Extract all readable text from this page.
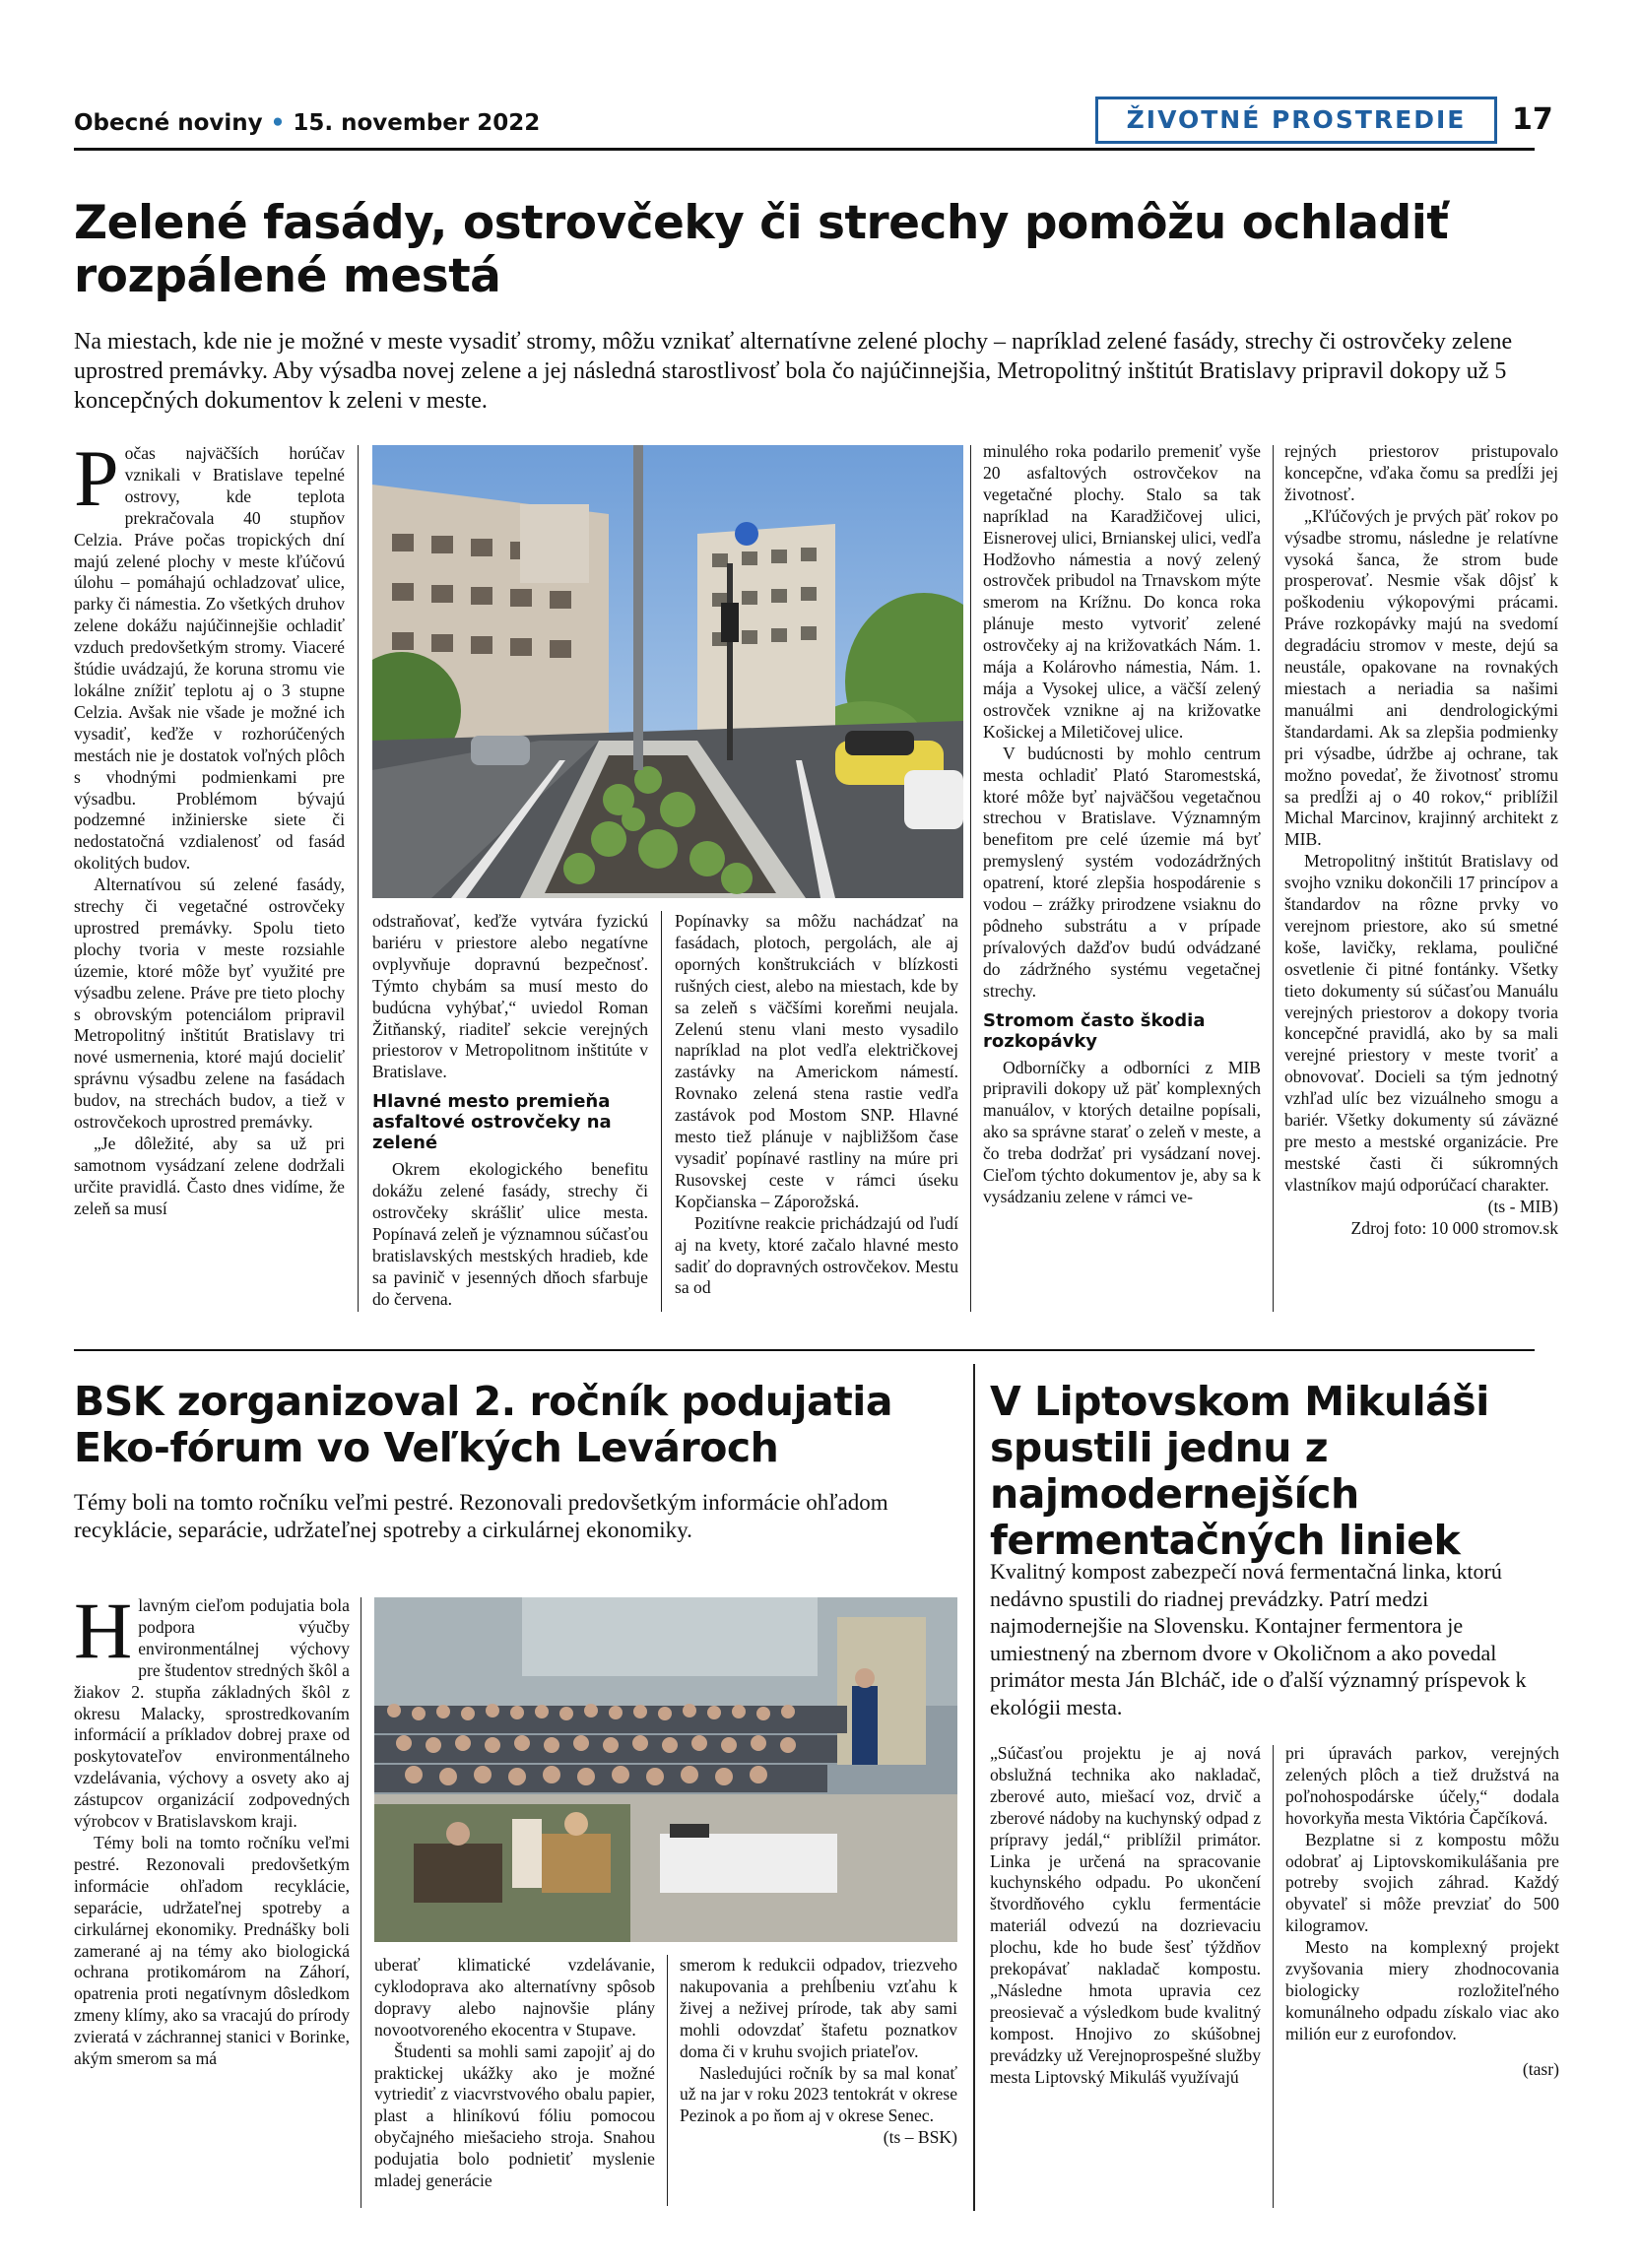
Obecné noviny • 15. november 2022	ŽIVOTNÉ PROSTREDIE	17
Zelené fasády, ostrovčeky či strechy pomôžu ochladiť rozpálené mestá
Na miestach, kde nie je možné v meste vysadiť stromy, môžu vznikať alternatívne zelené plochy – napríklad zelené fasády, strechy či ostrovčeky zelene uprostred premávky. Aby výsadba novej zelene a jej následná starostlivosť bola čo najúčinnejšia, Metropolitný inštitút Bratislavy pripravil dokopy už 5 koncepčných dokumentov k zeleni v meste.

Počas najväčších horúčav vznikali v Bratislave tepelné ostrovy, kde teplota prekračovala 40 stupňov Celzia. Práve počas tropických dní majú zelené plochy v meste kľúčovú úlohu – pomáhajú ochladzovať ulice, parky či námestia. Zo všetkých druhov zelene dokážu najúčinnejšie ochladiť vzduch predovšetkým stromy. Viaceré štúdie uvádzajú, že koruna stromu vie lokálne znížiť teplotu aj o 3 stupne Celzia. Avšak nie všade je možné ich vysadiť, keďže v rozhorúčených mestách nie je dostatok voľných plôch s vhodnými podmienkami pre výsadbu. Problémom bývajú podzemné inžinierske siete či nedostatočná vzdialenosť od fasád okolitých budov.

Alternatívou sú zelené fasády, strechy či vegetačné ostrovčeky uprostred premávky. Spolu tieto plochy tvoria v meste rozsiahle územie, ktoré môže byť využité pre výsadbu zelene. Práve pre tieto plochy s obrovským potenciálom pripravil Metropolitný inštitút Bratislavy tri nové usmernenia, ktoré majú docieliť správnu výsadbu zelene na fasádach budov, na strechách budov, a tiež v ostrovčekoch uprostred premávky.

„Je dôležité, aby sa už pri samotnom vysádzaní zelene dodržali určite pravidlá. Často dnes vidíme, že zeleň sa musí

odstraňovať, keďže vytvára fyzickú bariéru v priestore alebo negatívne ovplyvňuje dopravnú bezpečnosť. Týmto chybám sa musí mesto do budúcna vyhýbať,“ uviedol Roman Žitňanský, riaditeľ sekcie verejných priestorov v Metropolitnom inštitúte v Bratislave.

Hlavné mesto premieňa asfaltové ostrovčeky na zelené

Okrem ekologického benefitu dokážu zelené fasády, strechy či ostrovčeky skrášliť ulice mesta. Popínavá zeleň je významnou súčasťou bratislavských mestských hradieb, kde sa pavinič v jesenných dňoch sfarbuje do červena.

Popínavky sa môžu nachádzať na fasádach, plotoch, pergolách, ale aj oporných konštrukciách v blízkosti rušných ciest, alebo na miestach, kde by sa zeleň s väčšími koreňmi neujala. Zelenú stenu vlani mesto vysadilo napríklad na plot vedľa električkovej zastávky na Americkom námestí. Rovnako zelená stena rastie vedľa zastávok pod Mostom SNP. Hlavné mesto tiež plánuje v najbližšom čase vysadiť popínavé rastliny na múre pri Rusovskej ceste v rámci úseku Kopčianska – Záporožská.

Pozitívne reakcie prichádzajú od ľudí aj na kvety, ktoré začalo hlavné mesto sadiť do dopravných ostrovčekov. Mestu sa od

minulého roka podarilo premeniť vyše 20 asfaltových ostrovčekov na vegetačné plochy. Stalo sa tak napríklad na Karadžičovej ulici, Eisnerovej ulici, Brnianskej ulici, vedľa Hodžovho námestia a nový zelený ostrovček pribudol na Trnavskom mýte smerom na Krížnu. Do konca roka plánuje mesto vytvoriť zelené ostrovčeky aj na križovatkách Nám. 1. mája a Kolárovho námestia, Nám. 1. mája a Vysokej ulice, a väčší zelený ostrovček vznikne aj na križovatke Košickej a Miletičovej ulice.

V budúcnosti by mohlo centrum mesta ochladiť Plató Staromestská, ktoré môže byť najväčšou vegetačnou strechou v Bratislave. Významným benefitom pre celé územie má byť premyslený systém vodozádržných opatrení, ktoré zlepšia hospodárenie s vodou – zrážky prirodzene vsiaknu do pôdneho substrátu a v prípade prívalových dažďov budú odvádzané do zádržného systému vegetačnej strechy.

Stromom často škodia rozkopávky

Odborníčky a odborníci z MIB pripravili dokopy už päť komplexných manuálov, v ktorých detailne popísali, ako sa správne starať o zeleň v meste, a čo treba dodržať pri vysádzaní novej. Cieľom týchto dokumentov je, aby sa k vysádzaniu zelene v rámci ve-

rejných priestorov pristupovalo koncepčne, vďaka čomu sa predĺži jej životnosť.

„Kľúčových je prvých päť rokov po výsadbe stromu, následne je relatívne vysoká šanca, že strom bude prosperovať. Nesmie však dôjsť k poškodeniu výkopovými prácami. Práve rozkopávky majú na svedomí degradáciu stromov v meste, dejú sa neustále, opakovane na rovnakých miestach a neriadia sa našimi manuálmi ani dendrologickými štandardami. Ak sa zlepšia podmienky pri výsadbe, údržbe aj ochrane, tak možno povedať, že životnosť stromu sa predĺži aj o 40 rokov,“ priblížil Michal Marcinov, krajinný architekt z MIB.

Metropolitný inštitút Bratislavy od svojho vzniku dokončili 17 princípov a štandardov na rôzne prvky vo verejnom priestore, ako sú smetné koše, lavičky, reklama, pouličné osvetlenie či pitné fontánky. Všetky tieto dokumenty sú súčasťou Manuálu verejných priestorov a dokopy tvoria koncepčné pravidlá, ako by sa mali verejné priestory v meste tvoriť a obnovovať. Docieli sa tým jednotný vzhľad ulíc bez vizuálneho smogu a bariér. Všetky dokumenty sú záväzné pre mesto a mestské organizácie. Pre mestské časti či súkromných vlastníkov majú odporúčací charakter.

(ts - MIB)
Zdroj foto: 10 000 stromov.sk
BSK zorganizoval 2. ročník podujatia Eko-fórum vo Veľkých Levároch
Témy boli na tomto ročníku veľmi pestré. Rezonovali predovšetkým informácie ohľadom recyklácie, separácie, udržateľnej spotreby a cirkulárnej ekonomiky.

Hlavným cieľom podujatia bola podpora výučby environmentálnej výchovy pre študentov stredných škôl a žiakov 2. stupňa základných škôl z okresu Malacky, sprostredkovaním informácií a príkladov dobrej praxe od poskytovateľov environmentálneho vzdelávania, výchovy a osvety ako aj zástupcov organizácií zodpovedných výrobcov v Bratislavskom kraji.

Témy boli na tomto ročníku veľmi pestré. Rezonovali predovšetkým informácie ohľadom recyklácie, separácie, udržateľnej spotreby a cirkulárnej ekonomiky. Prednášky boli zamerané aj na témy ako biologická ochrana protikomárom na Záhorí, opatrenia proti negatívnym dôsledkom zmeny klímy, ako sa vracajú do prírody zvieratá v záchrannej stanici v Borinke, akým smerom sa má

uberať klimatické vzdelávanie, cyklodoprava ako alternatívny spôsob dopravy alebo najnovšie plány novootvoreného ekocentra v Stupave.

Študenti sa mohli sami zapojiť aj do praktickej ukážky ako je možné vytriediť z viacvrstvového obalu papier, plast a hliníkovú fóliu pomocou obyčajného miešacieho stroja. Snahou podujatia bolo podnietiť myslenie mladej generácie

smerom k redukcii odpadov, triezveho nakupovania a prehĺbeniu vzťahu k živej a neživej prírode, tak aby sami mohli odovzdať štafetu poznatkov doma či v kruhu svojich priateľov.

Nasledujúci ročník by sa mal konať už na jar v roku 2023 tentokrát v okrese Pezinok a po ňom aj v okrese Senec.

(ts – BSK)
V Liptovskom Mikuláši spustili jednu z najmodernejších fermentačných liniek
Kvalitný kompost zabezpečí nová fermentačná linka, ktorú nedávno spustili do riadnej prevádzky. Patrí medzi najmodernejšie na Slovensku. Kontajner fermentora je umiestnený na zbernom dvore v Okoličnom a ako povedal primátor mesta Ján Blcháč, ide o ďalší významný príspevok k ekológii mesta.

„Súčasťou projektu je aj nová obslužná technika ako nakladač, zberové auto, miešací voz, drvič a zberové nádoby na kuchynský odpad z prípravy jedál,“ priblížil primátor. Linka je určená na spracovanie kuchynského odpadu. Po ukončení štvordňového cyklu fermentácie materiál odvezú na dozrievaciu plochu, kde ho bude šesť týždňov prekopávať nakladač kompostu. „Následne hmota upravia cez preosievač a výsledkom bude kvalitný kompost. Hnojivo zo skúšobnej prevádzky už Verejnoprospešné služby mesta Liptovský Mikuláš využívajú

pri úpravách parkov, verejných zelených plôch a tiež družstvá na poľnohospodárske účely,“ dodala hovorkyňa mesta Viktória Čapčíková.

Bezplatne si z kompostu môžu odobrať aj Liptovskomikulášania pre potreby svojich záhrad. Každý obyvateľ si môže prevziať do 500 kilogramov.

Mesto na komplexný projekt zvyšovania miery zhodnocovania biologicky rozložiteľného komunálneho odpadu získalo viac ako milión eur z eurofondov.

(tasr)
